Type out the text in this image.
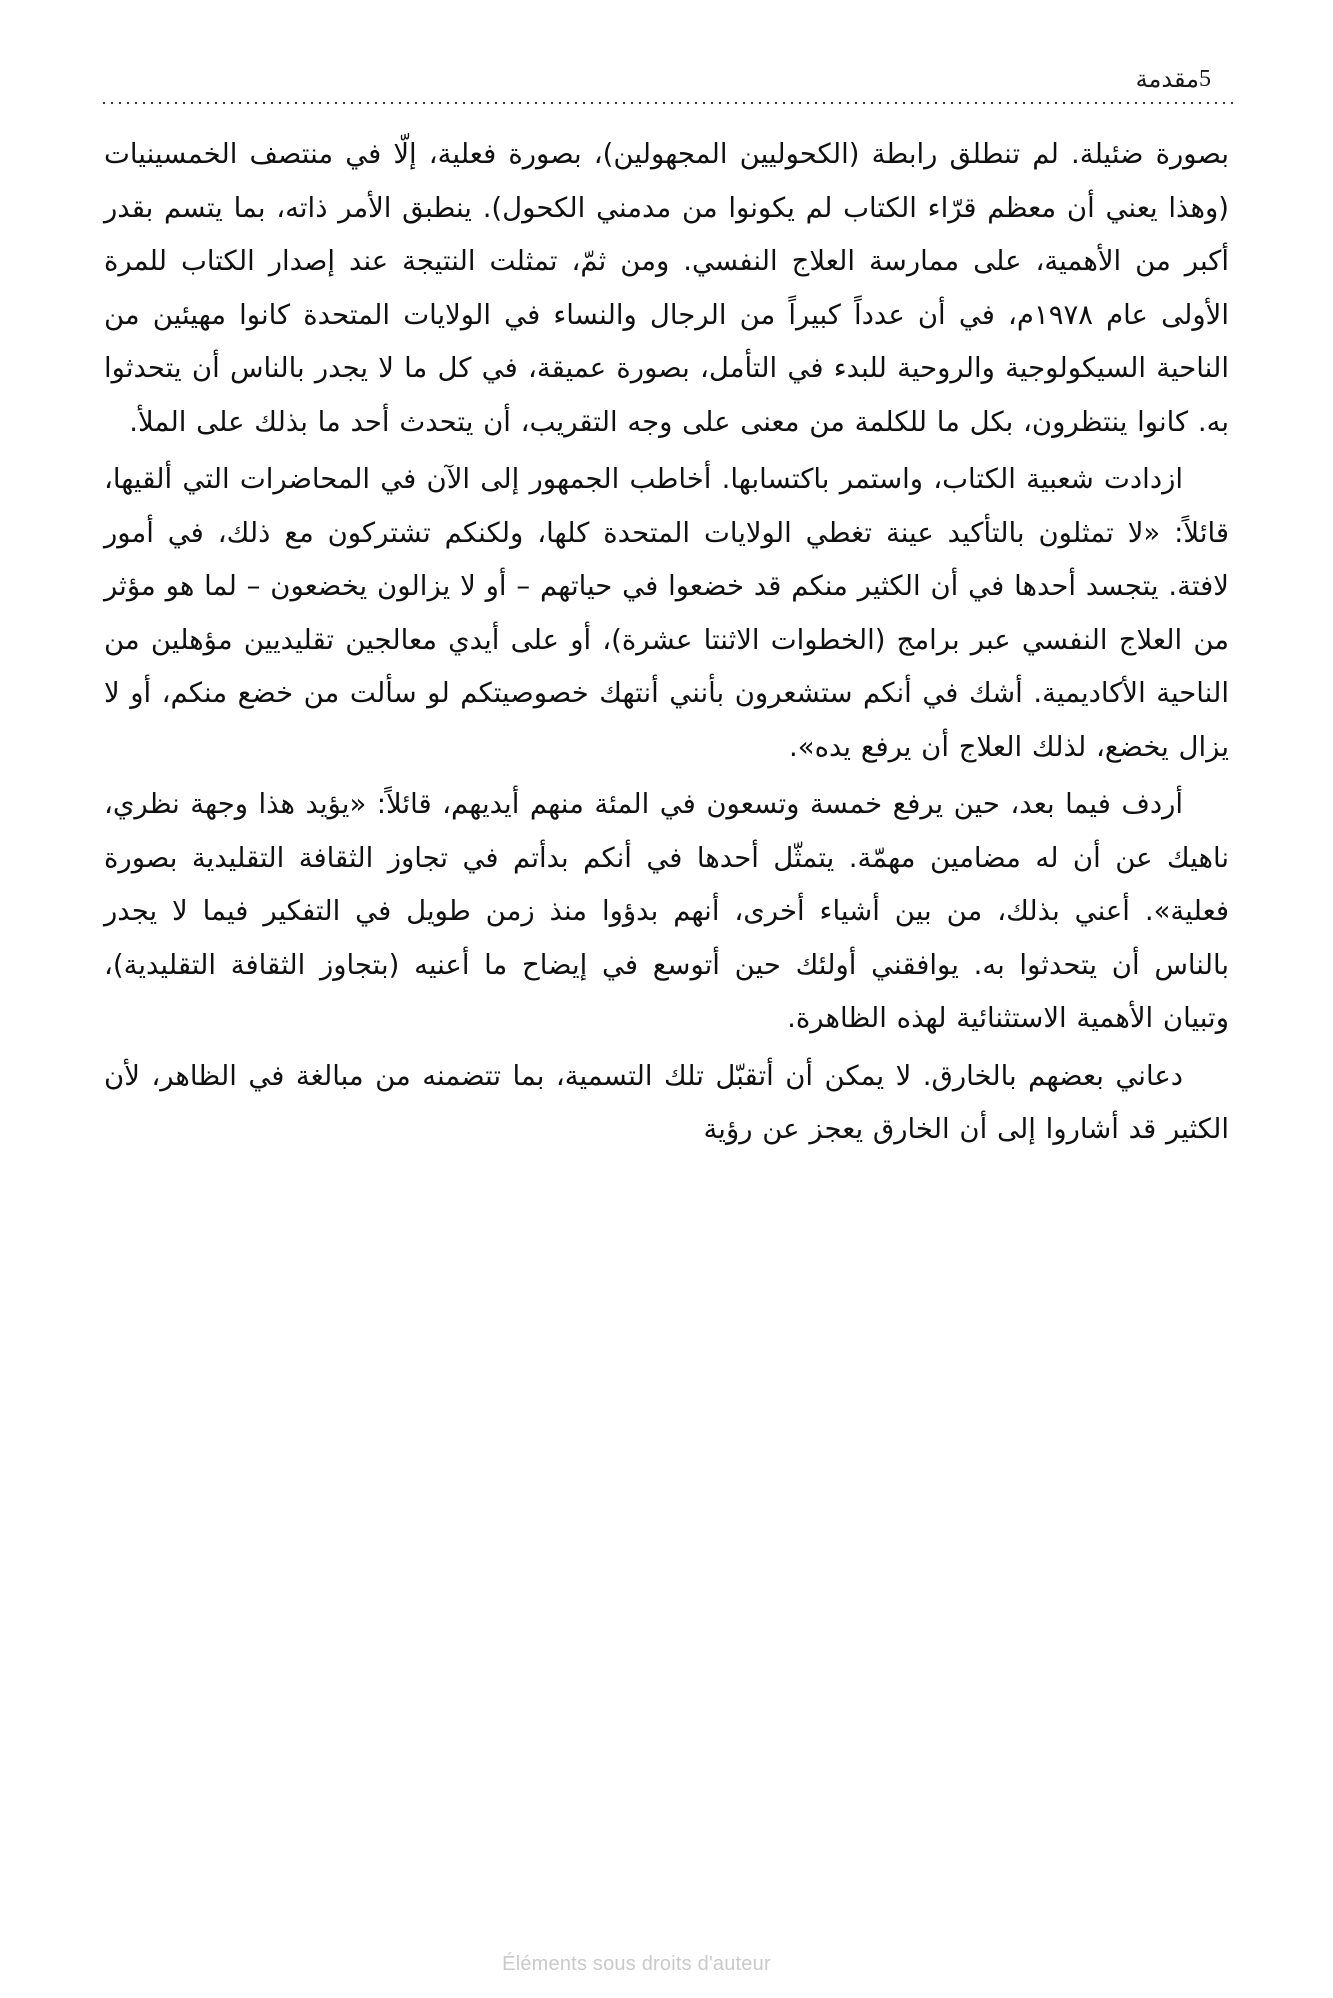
5
مقدمة

بصورة ضئيلة. لم تنطلق رابطة (الكحوليين المجهولين)، بصورة فعلية، إلّا في منتصف الخمسينيات (وهذا يعني أن معظم قرّاء الكتاب لم يكونوا من مدمني الكحول). ينطبق الأمر ذاته، بما يتسم بقدر أكبر من الأهمية، على ممارسة العلاج النفسي. ومن ثمّ، تمثلت النتيجة عند إصدار الكتاب للمرة الأولى عام ١٩٧٨م، في أن عدداً كبيراً من الرجال والنساء في الولايات المتحدة كانوا مهيئين من الناحية السيكولوجية والروحية للبدء في التأمل، بصورة عميقة، في كل ما لا يجدر بالناس أن يتحدثوا به. كانوا ينتظرون، بكل ما للكلمة من معنى على وجه التقريب، أن يتحدث أحد ما بذلك على الملأ.

ازدادت شعبية الكتاب، واستمر باكتسابها. أخاطب الجمهور إلى الآن في المحاضرات التي ألقيها، قائلاً: «لا تمثلون بالتأكيد عينة تغطي الولايات المتحدة كلها، ولكنكم تشتركون مع ذلك، في أمور لافتة. يتجسد أحدها في أن الكثير منكم قد خضعوا في حياتهم – أو لا يزالون يخضعون – لما هو مؤثر من العلاج النفسي عبر برامج (الخطوات الاثنتا عشرة)، أو على أيدي معالجين تقليديين مؤهلين من الناحية الأكاديمية. أشك في أنكم ستشعرون بأنني أنتهك خصوصيتكم لو سألت من خضع منكم، أو لا يزال يخضع، لذلك العلاج أن يرفع يده».

أردف فيما بعد، حين يرفع خمسة وتسعون في المئة منهم أيديهم، قائلاً: «يؤيد هذا وجهة نظري، ناهيك عن أن له مضامين مهمّة. يتمثّل أحدها في أنكم بدأتم في تجاوز الثقافة التقليدية بصورة فعلية». أعني بذلك، من بين أشياء أخرى، أنهم بدؤوا منذ زمن طويل في التفكير فيما لا يجدر بالناس أن يتحدثوا به. يوافقني أولئك حين أتوسع في إيضاح ما أعنيه (بتجاوز الثقافة التقليدية)، وتبيان الأهمية الاستثنائية لهذه الظاهرة.

دعاني بعضهم بالخارق. لا يمكن أن أتقبّل تلك التسمية، بما تتضمنه من مبالغة في الظاهر، لأن الكثير قد أشاروا إلى أن الخارق يعجز عن رؤية

Éléments sous droits d'auteur
